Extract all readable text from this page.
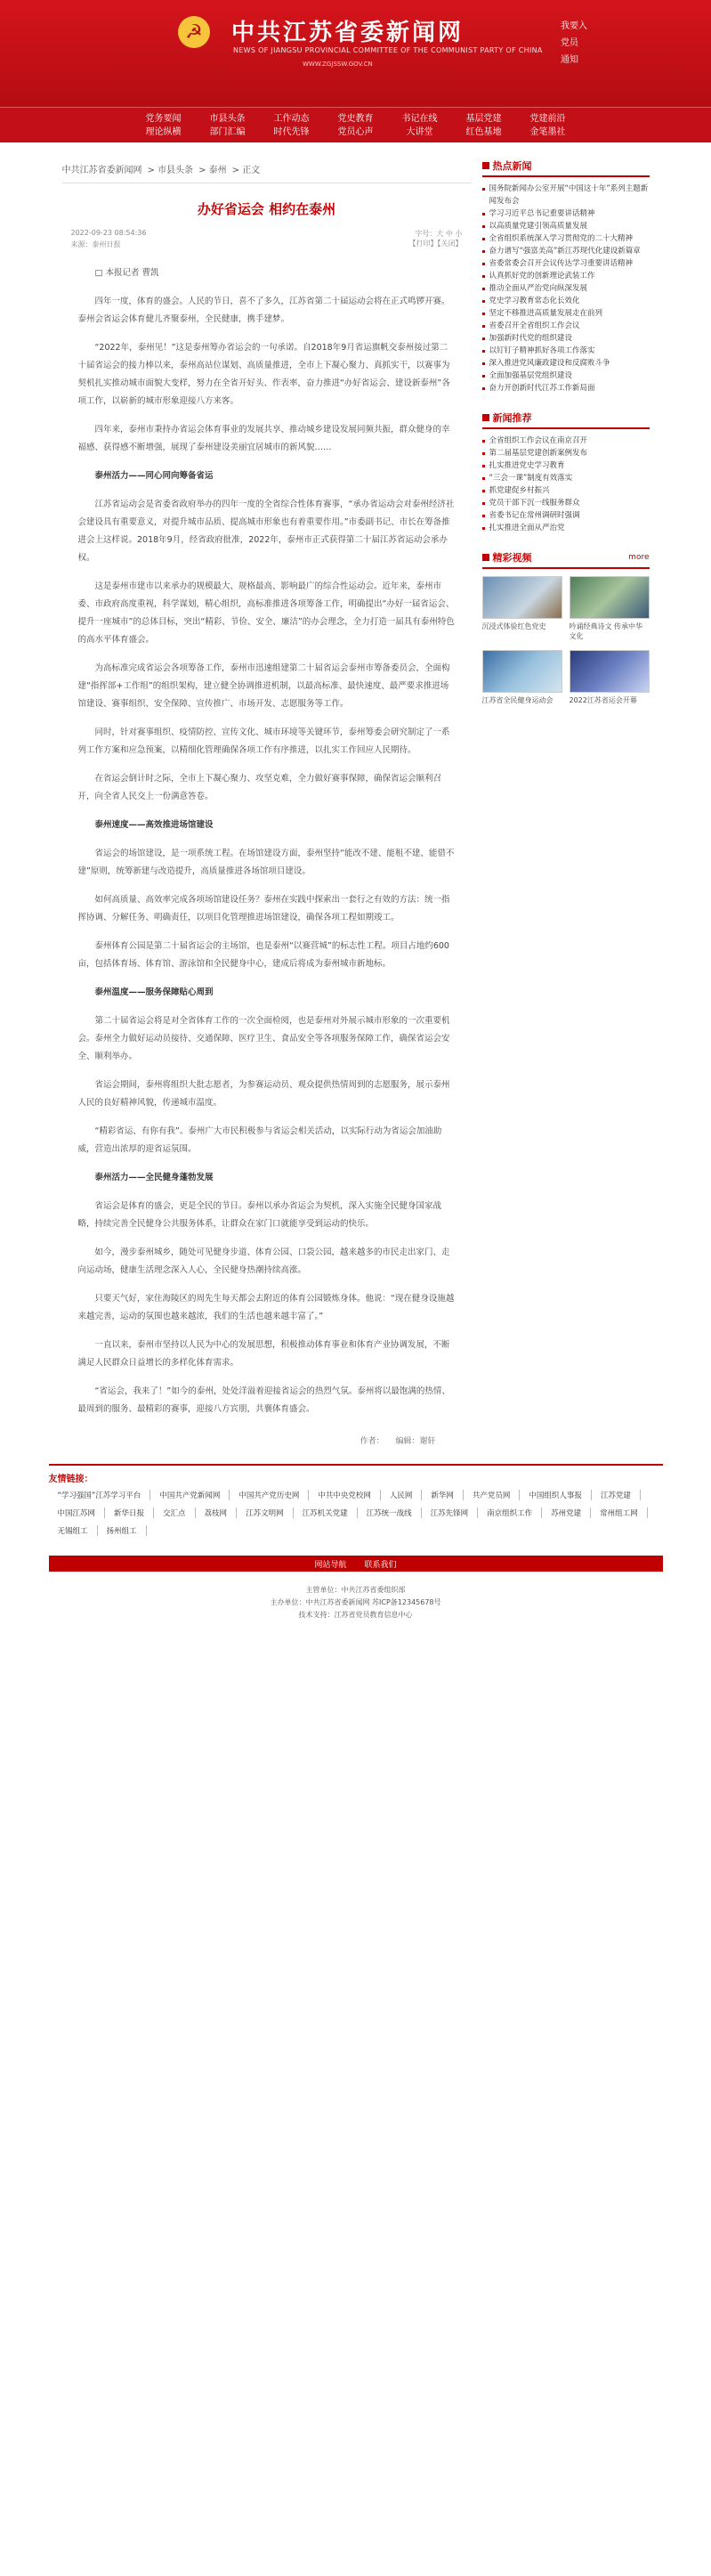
☭	中共江苏省委新闻网
NEWS OF JIANGSU PROVINCIAL COMMITTEE OF THE COMMUNIST PARTY OF CHINA
WWW.ZGJSSW.GOV.CN
我要入
党员
通知
党务要闻
理论纵横
市县头条
部门汇编
工作动态
时代先锋
党史教育
党员心声
书记在线
大讲堂
基层党建
红色基地
党建前沿
金笔墨社
中共江苏省委新闻网 > 市县头条 > 泰州 > 正文
办好省运会 相约在泰州
2022-09-23 08:54:36
来源：泰州日报
字号：大 中 小
【打印】【关闭】

□ 本报记者 曹凯

四年一度，体育的盛会。人民的节日，喜不了多久，江苏省第二十届运动会将在正式鸣锣开赛。泰州会省运会体育健儿齐聚泰州，全民健康，携手建梦。

“2022年，泰州见！”这是泰州筹办省运会的一句承诺。自2018年9月省运旗帆交泰州接过第二十届省运会的接力棒以来，泰州高站位谋划、高质量推进，全市上下凝心聚力、真抓实干，以赛事为契机扎实推动城市面貌大变样，努力在全省开好头、作表率，奋力推进“办好省运会、建设新泰州”各项工作，以崭新的城市形象迎接八方来客。

四年来，泰州市秉持办省运会体育事业的发展共享、推动城乡建设发展同频共振，群众健身的幸福感、获得感不断增强，展现了泰州建设美丽宜居城市的新风貌……

泰州活力——同心同向筹备省运

江苏省运动会是省委省政府举办的四年一度的全省综合性体育赛事，“承办省运动会对泰州经济社会建设具有重要意义，对提升城市品质、提高城市形象也有着重要作用。”市委副书记、市长在筹备推进会上这样说。2018年9月，经省政府批准，2022年，泰州市正式获得第二十届江苏省运动会承办权。

这是泰州市建市以来承办的规模最大、规格最高、影响最广的综合性运动会。近年来，泰州市委、市政府高度重视，科学谋划，精心组织，高标准推进各项筹备工作，明确提出“办好一届省运会、提升一座城市”的总体目标，突出“精彩、节俭、安全、廉洁”的办会理念，全力打造一届具有泰州特色的高水平体育盛会。

为高标准完成省运会各项筹备工作，泰州市迅速组建第二十届省运会泰州市筹备委员会，全面构建“指挥部+工作组”的组织架构，建立健全协调推进机制，以最高标准、最快速度、最严要求推进场馆建设、赛事组织、安全保障、宣传推广、市场开发、志愿服务等工作。

同时，针对赛事组织、疫情防控、宣传文化、城市环境等关键环节，泰州筹委会研究制定了一系列工作方案和应急预案，以精细化管理确保各项工作有序推进，以扎实工作回应人民期待。

在省运会倒计时之际，全市上下凝心聚力、攻坚克难，全力做好赛事保障，确保省运会顺利召开，向全省人民交上一份满意答卷。

泰州速度——高效推进场馆建设

省运会的场馆建设，是一项系统工程。在场馆建设方面，泰州坚持“能改不建、能租不建、能借不建”原则，统筹新建与改造提升，高质量推进各场馆项目建设。

如何高质量、高效率完成各项场馆建设任务？泰州在实践中探索出一套行之有效的方法：统一指挥协调、分解任务、明确责任，以项目化管理推进场馆建设，确保各项工程如期竣工。

泰州体育公园是第二十届省运会的主场馆，也是泰州“以赛营城”的标志性工程。项目占地约600亩，包括体育场、体育馆、游泳馆和全民健身中心，建成后将成为泰州城市新地标。

泰州温度——服务保障贴心周到

第二十届省运会将是对全省体育工作的一次全面检阅，也是泰州对外展示城市形象的一次重要机会。泰州全力做好运动员接待、交通保障、医疗卫生、食品安全等各项服务保障工作，确保省运会安全、顺利举办。

省运会期间，泰州将组织大批志愿者，为参赛运动员、观众提供热情周到的志愿服务，展示泰州人民的良好精神风貌，传递城市温度。

“精彩省运、有你有我”。泰州广大市民积极参与省运会相关活动，以实际行动为省运会加油助威，营造出浓厚的迎省运氛围。

泰州活力——全民健身蓬勃发展

省运会是体育的盛会，更是全民的节日。泰州以承办省运会为契机，深入实施全民健身国家战略，持续完善全民健身公共服务体系，让群众在家门口就能享受到运动的快乐。

如今，漫步泰州城乡，随处可见健身步道、体育公园、口袋公园，越来越多的市民走出家门、走向运动场，健康生活理念深入人心，全民健身热潮持续高涨。

只要天气好，家住海陵区的周先生每天都会去附近的体育公园锻炼身体。他说：“现在健身设施越来越完善，运动的氛围也越来越浓，我们的生活也越来越丰富了。”

一直以来，泰州市坚持以人民为中心的发展思想，积极推动体育事业和体育产业协调发展，不断满足人民群众日益增长的多样化体育需求。

“省运会，我来了！”如今的泰州，处处洋溢着迎接省运会的热烈气氛。泰州将以最饱满的热情、最周到的服务、最精彩的赛事，迎接八方宾朋，共襄体育盛会。

作者： 编辑：谢轩
热点新闻
国务院新闻办公室开展“中国这十年”系列主题新闻发布会
学习习近平总书记重要讲话精神
以高质量党建引领高质量发展
全省组织系统深入学习贯彻党的二十大精神
奋力谱写“强富美高”新江苏现代化建设新篇章
省委常委会召开会议传达学习重要讲话精神
认真抓好党的创新理论武装工作
推动全面从严治党向纵深发展
党史学习教育常态化长效化
坚定不移推进高质量发展走在前列
省委召开全省组织工作会议
加强新时代党的组织建设
以钉钉子精神抓好各项工作落实
深入推进党风廉政建设和反腐败斗争
全面加强基层党组织建设
奋力开创新时代江苏工作新局面
新闻推荐
全省组织工作会议在南京召开
第二届基层党建创新案例发布
扎实推进党史学习教育
“三会一课”制度有效落实
抓党建促乡村振兴
党员干部下沉一线服务群众
省委书记在常州调研时强调
扎实推进全面从严治党
精彩视频	more
沉浸式体验红色党史	吟诵经典诗文 传承中华文化
江苏省全民健身运动会	2022江苏省运会开幕
友情链接：
“学习强国”江苏学习平台	中国共产党新闻网	中国共产党历史网	中共中央党校网	人民网	新华网	共产党员网	中国组织人事报	江苏党建
中国江苏网	新华日报	交汇点	荔枝网	江苏文明网	江苏机关党建	江苏统一战线	江苏先锋网	南京组织工作	苏州党建	常州组工网
无锡组工	扬州组工
网站导航 联系我们
主管单位：中共江苏省委组织部
主办单位：中共江苏省委新闻网 苏ICP备12345678号
技术支持：江苏省党员教育信息中心
